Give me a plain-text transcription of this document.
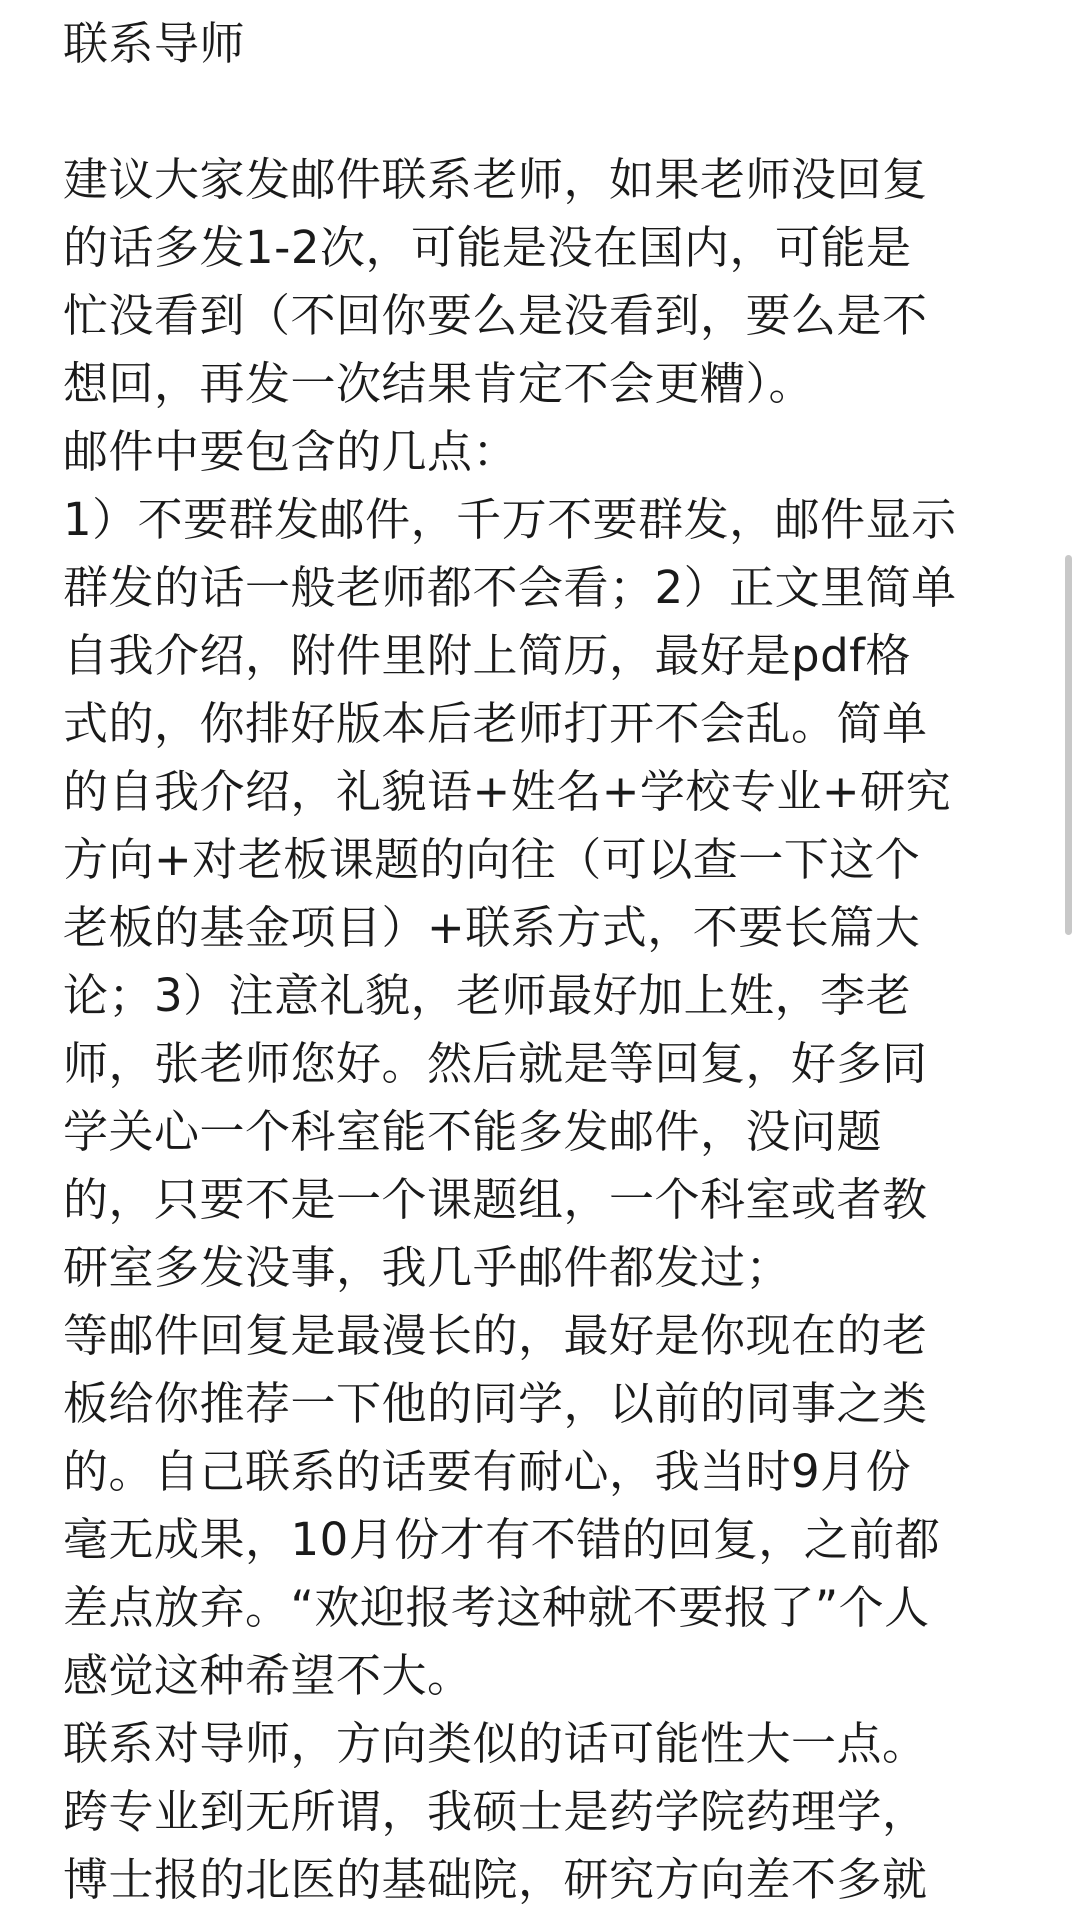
联系导师
建议大家发邮件联系老师，如果老师没回复
的话多发1-2次，可能是没在国内，可能是
忙没看到（不回你要么是没看到，要么是不
想回，再发一次结果肯定不会更糟）。
邮件中要包含的几点：
1）不要群发邮件，千万不要群发，邮件显示
群发的话一般老师都不会看；2）正文里简单
自我介绍，附件里附上简历，最好是pdf格
式的，你排好版本后老师打开不会乱。简单
的自我介绍，礼貌语+姓名+学校专业+研究
方向+对老板课题的向往（可以查一下这个
老板的基金项目）+联系方式，不要长篇大
论；3）注意礼貌，老师最好加上姓，李老
师，张老师您好。然后就是等回复，好多同
学关心一个科室能不能多发邮件，没问题
的，只要不是一个课题组，一个科室或者教
研室多发没事，我几乎邮件都发过；
等邮件回复是最漫长的，最好是你现在的老
板给你推荐一下他的同学，以前的同事之类
的。自己联系的话要有耐心，我当时9月份
毫无成果，10月份才有不错的回复，之前都
差点放弃。“欢迎报考这种就不要报了”个人
感觉这种希望不大。
联系对导师，方向类似的话可能性大一点。
跨专业到无所谓，我硕士是药学院药理学，
博士报的北医的基础院，研究方向差不多就
